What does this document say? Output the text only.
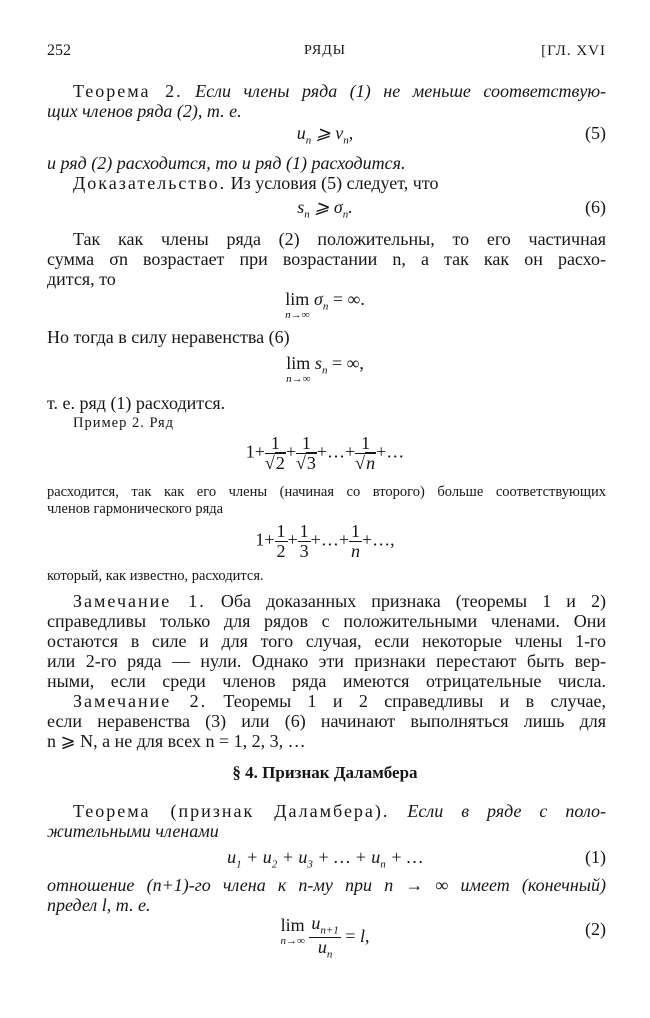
252	РЯДЫ	[ГЛ. XVI
Теорема 2. Если члены ряда (1) не меньше соответствую-
щих членов ряда (2), т. е.
$u_n$ ⩾ $v_n$,	(5)
и ряд (2) расходится, то и ряд (1) расходится.
Доказательство. Из условия (5) следует, что
$s_n$ ⩾ $\sigma_n$.	(6)
Так как члены ряда (2) положительны, то его частичная
сумма σn возрастает при возрастании n, а так как он расхо-
дится, то
lim
n→∞
$\sigma_n$ = ∞.
Но тогда в силу неравенства (6)
lim
n→∞
$s_n$ = ∞,
т. е. ряд (1) расходится.
Пример 2. Ряд
$1+ \frac{1}{√2} + \frac{1}{√3}$ +…+ $\frac{1}{√n}$ +…
расходится, так как его члены (начиная со второго) больше соответствующих
членов гармонического ряда
$1+ \frac{1}{2} + \frac{1}{3}$ +…+ $\frac{1}{n}$ +…,
который, как известно, расходится.
Замечание 1. Оба доказанных признака (теоремы 1 и 2)
справедливы только для рядов с положительными членами. Они
остаются в силе и для того случая, если некоторые члены 1-го
или 2-го ряда — нули. Однако эти признаки перестают быть вер-
ными, если среди членов ряда имеются отрицательные числа.
Замечание 2. Теоремы 1 и 2 справедливы и в случае,
если неравенства (3) или (6) начинают выполняться лишь для
n ⩾ N, а не для всех n = 1, 2, 3, …
§ 4. Признак Даламбера
Теорема (признак Даламбера). Если в ряде с поло-
жительными членами
$u_1 + u_2 + u_3$ + … + $u_n$ + …	(1)
отношение (n+1)-го члена к n-му при n → ∞ имеет (конечный)
предел l, т. е.
lim
n→∞
$\frac{u_{n+1}}{u_n} = l$,	(2)
